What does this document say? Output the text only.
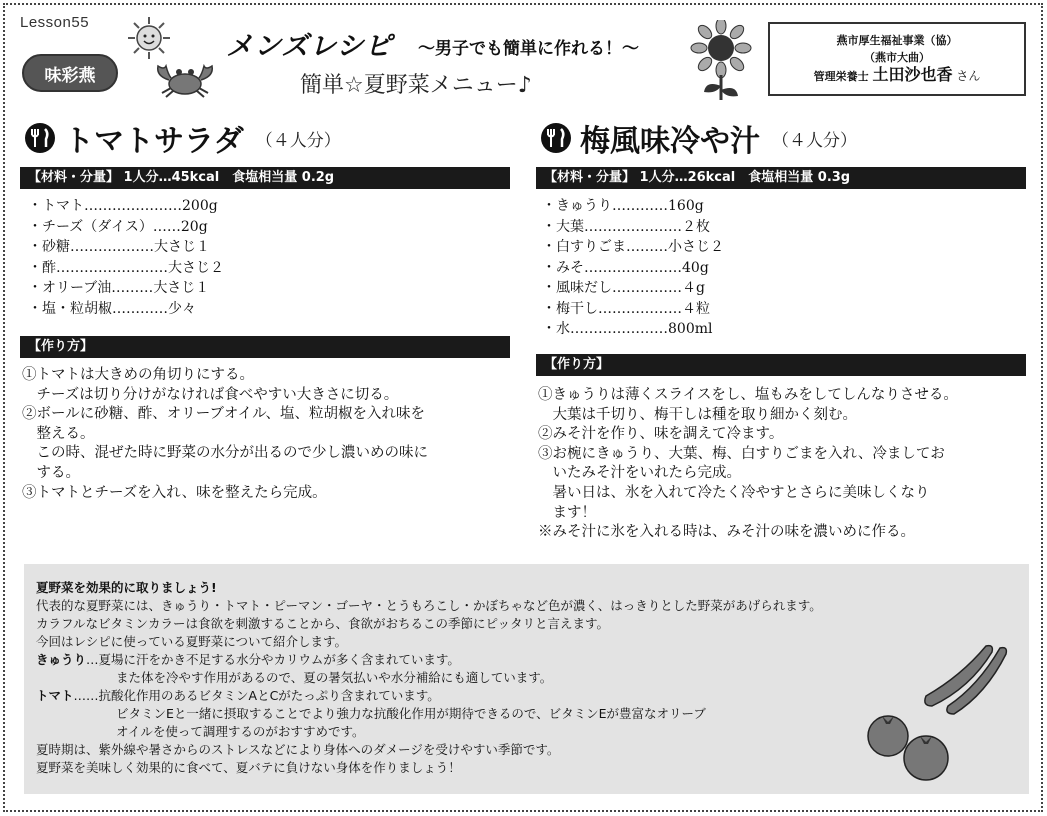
Lesson55
味彩燕
メンズレシピ ～男子でも簡単に作れる！～
簡単☆夏野菜メニュー♪
燕市厚生福祉事業（協）
（燕市大曲）
管理栄養士 土田沙也香 さん
トマトサラダ （４人分）
【材料・分量】 1人分…45kcal　食塩相当量 0.2g
・トマト………………… 200g
・チーズ（ダイス）…… 20g
・砂糖……………… 大さじ１
・酢…………………… 大さじ２
・オリーブ油……… 大さじ１
・塩・粒胡椒………… 少々
【作り方】
①トマトは大きめの角切りにする。
　チーズは切り分けがなければ食べやすい大きさに切る。
②ボールに砂糖、酢、オリーブオイル、塩、粒胡椒を入れ味を
　整える。
　この時、混ぜた時に野菜の水分が出るので少し濃いめの味に
　する。
③トマトとチーズを入れ、味を整えたら完成。
梅風味冷や汁 （４人分）
【材料・分量】 1人分…26kcal　食塩相当量 0.3g
・きゅうり………… 160g
・大葉………………… ２枚
・白すりごま……… 小さじ２
・みそ………………… 40g
・風味だし…………… ４g
・梅干し……………… ４粒
・水………………… 800ml
【作り方】
①きゅうりは薄くスライスをし、塩もみをしてしんなりさせる。
　大葉は千切り、梅干しは種を取り細かく刻む。
②みそ汁を作り、味を調えて冷ます。
③お椀にきゅうり、大葉、梅、白すりごまを入れ、冷ましてお
　いたみそ汁をいれたら完成。
　暑い日は、氷を入れて冷たく冷やすとさらに美味しくなり
　ます！
※みそ汁に氷を入れる時は、みそ汁の味を濃いめに作る。
夏野菜を効果的に取りましょう!
代表的な夏野菜には、きゅうり・トマト・ピーマン・ゴーヤ・とうもろこし・かぼちゃなど色が濃く、はっきりとした野菜があげられます。
カラフルなビタミンカラーは食欲を刺激することから、食欲がおちるこの季節にピッタリと言えます。
今回はレシピに使っている夏野菜について紹介します。
きゅうり…夏場に汗をかき不足する水分やカリウムが多く含まれています。
また体を冷やす作用があるので、夏の暑気払いや水分補給にも適しています。
トマト……抗酸化作用のあるビタミンAとCがたっぷり含まれています。
ビタミンEと一緒に摂取することでより強力な抗酸化作用が期待できるので、ビタミンEが豊富なオリーブ
オイルを使って調理するのがおすすめです。
夏時期は、紫外線や暑さからのストレスなどにより身体へのダメージを受けやすい季節です。
夏野菜を美味しく効果的に食べて、夏バテに負けない身体を作りましょう！
